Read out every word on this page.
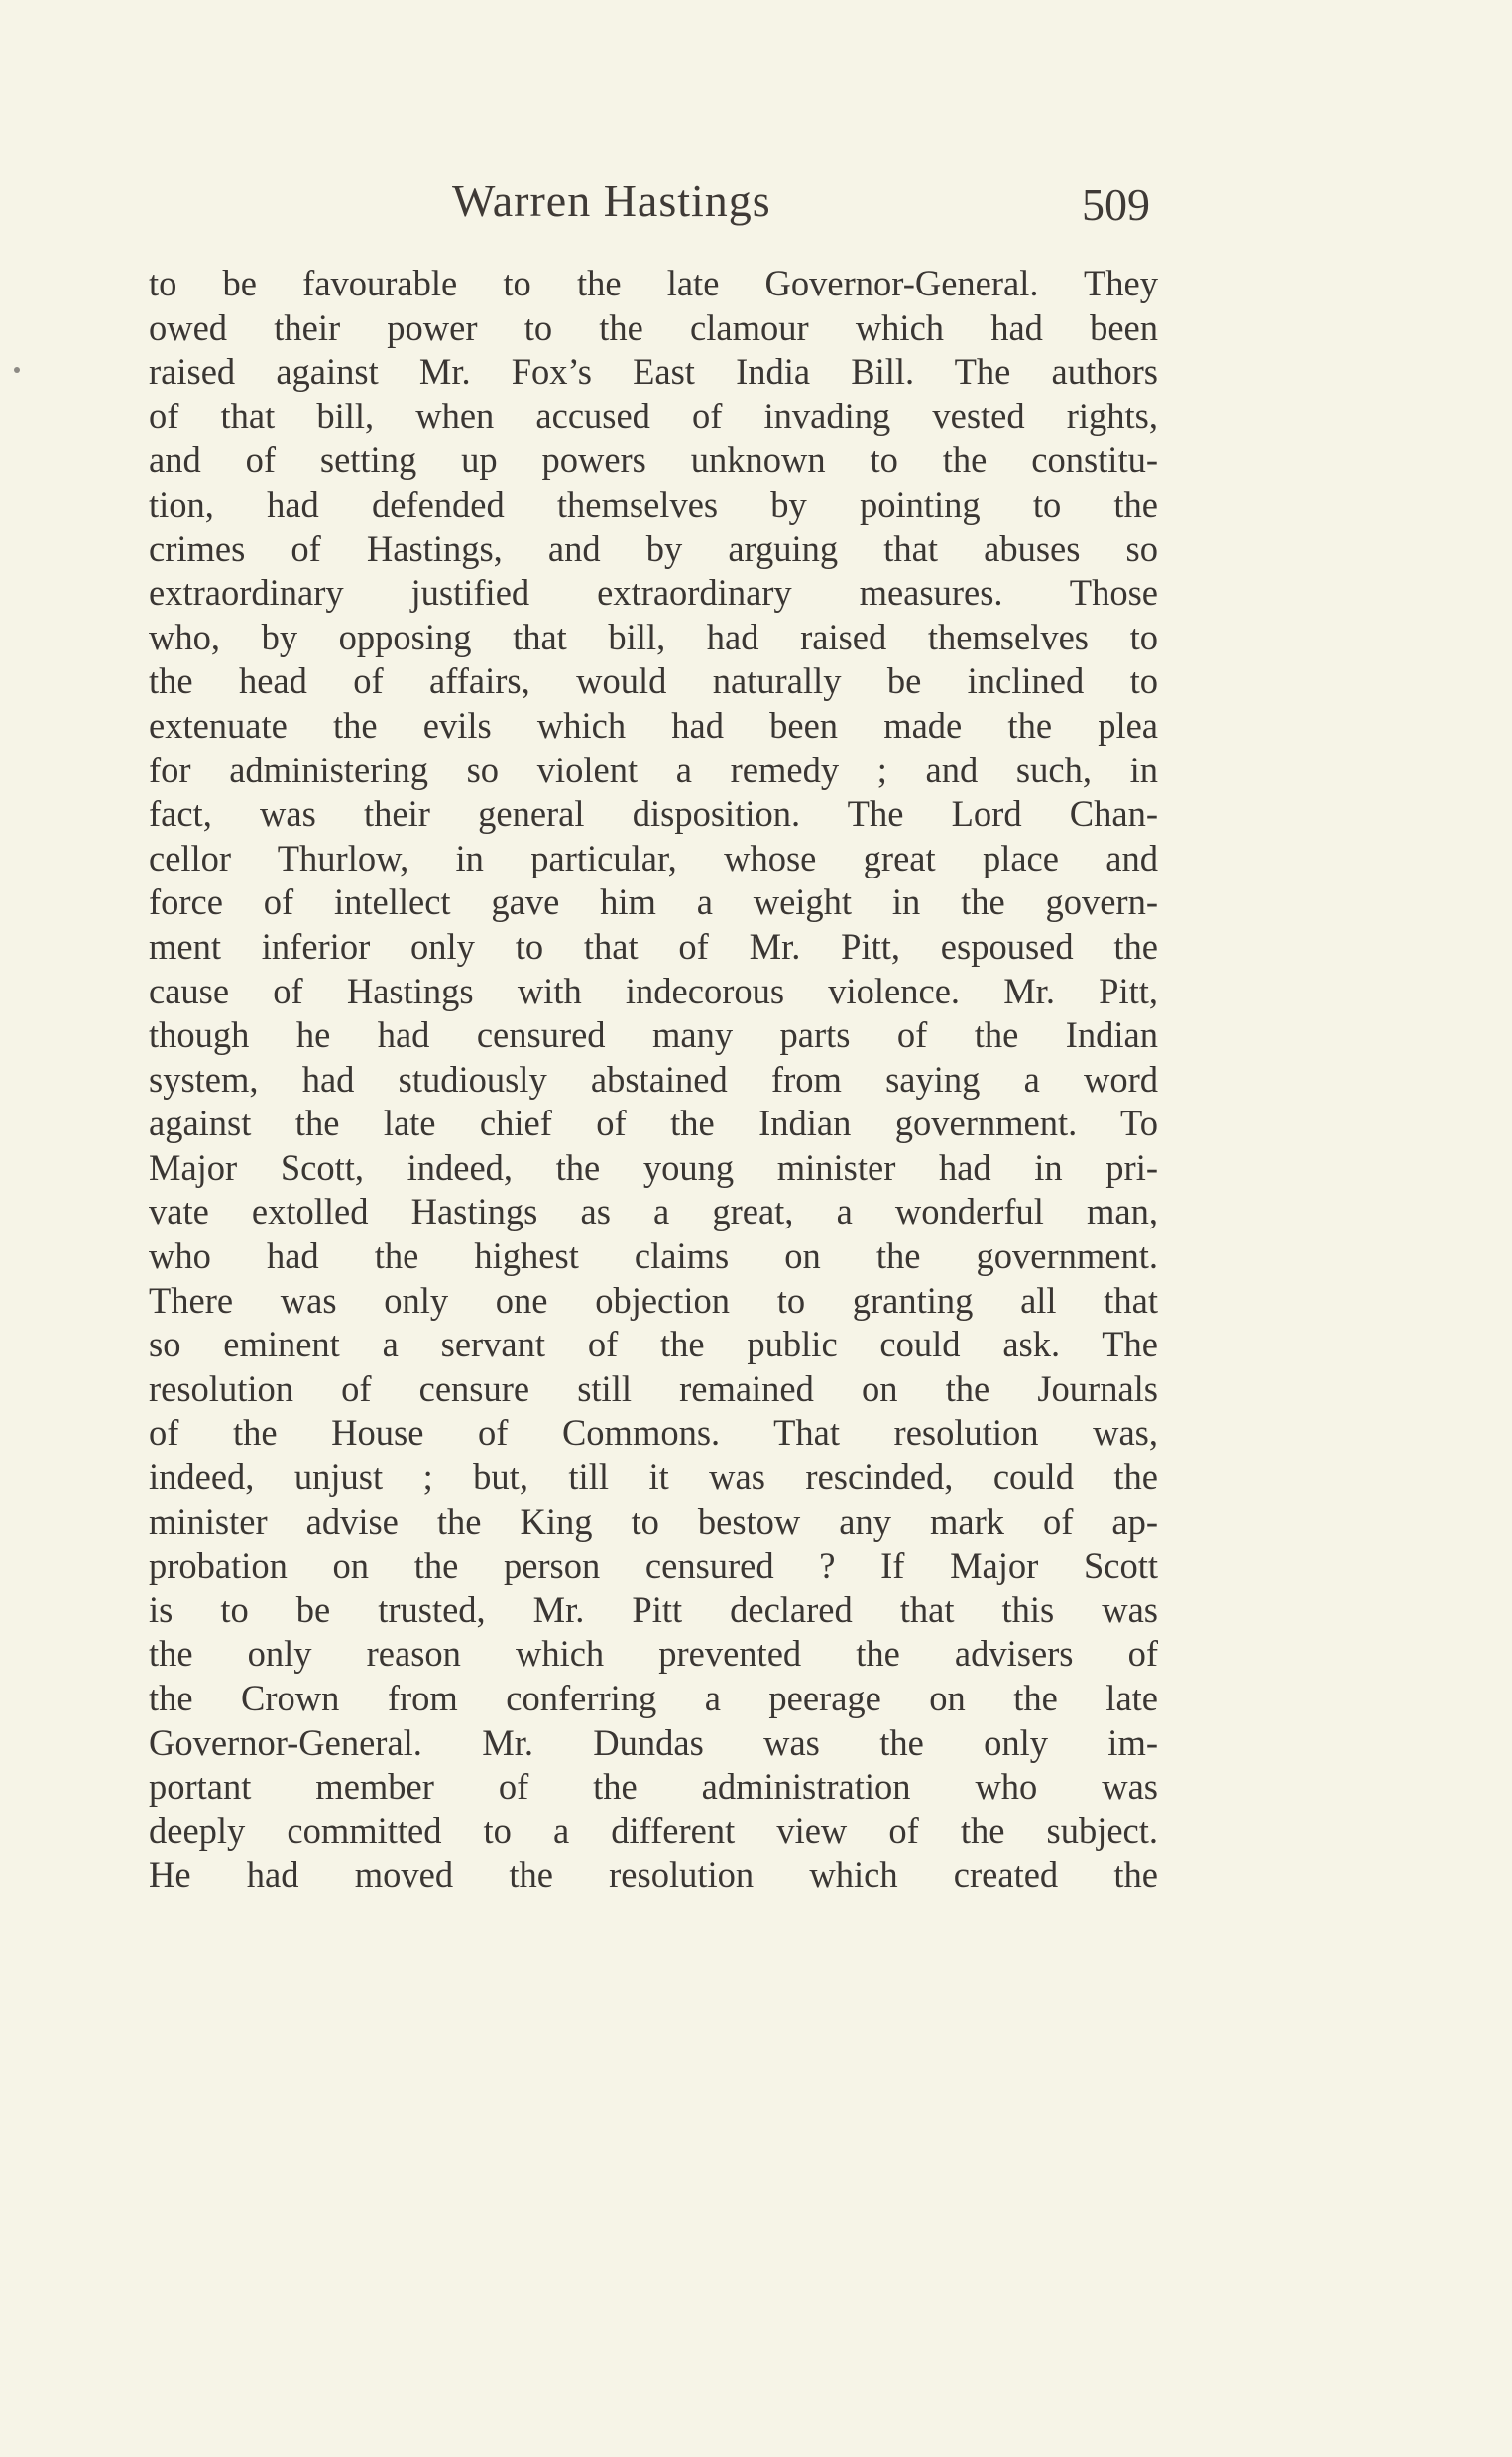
Warren Hastings	509
to be favourable to the late Governor-General. They
owed their power to the clamour which had been
raised against Mr. Fox’s East India Bill. The authors
of that bill, when accused of invading vested rights,
and of setting up powers unknown to the constitu-
tion, had defended themselves by pointing to the
crimes of Hastings, and by arguing that abuses so
extraordinary justified extraordinary measures. Those
who, by opposing that bill, had raised themselves to
the head of affairs, would naturally be inclined to
extenuate the evils which had been made the plea
for administering so violent a remedy ; and such, in
fact, was their general disposition. The Lord Chan-
cellor Thurlow, in particular, whose great place and
force of intellect gave him a weight in the govern-
ment inferior only to that of Mr. Pitt, espoused the
cause of Hastings with indecorous violence. Mr. Pitt,
though he had censured many parts of the Indian
system, had studiously abstained from saying a word
against the late chief of the Indian government. To
Major Scott, indeed, the young minister had in pri-
vate extolled Hastings as a great, a wonderful man,
who had the highest claims on the government.
There was only one objection to granting all that
so eminent a servant of the public could ask. The
resolution of censure still remained on the Journals
of the House of Commons. That resolution was,
indeed, unjust ; but, till it was rescinded, could the
minister advise the King to bestow any mark of ap-
probation on the person censured ? If Major Scott
is to be trusted, Mr. Pitt declared that this was
the only reason which prevented the advisers of
the Crown from conferring a peerage on the late
Governor-General. Mr. Dundas was the only im-
portant member of the administration who was
deeply committed to a different view of the subject.
He had moved the resolution which created the
